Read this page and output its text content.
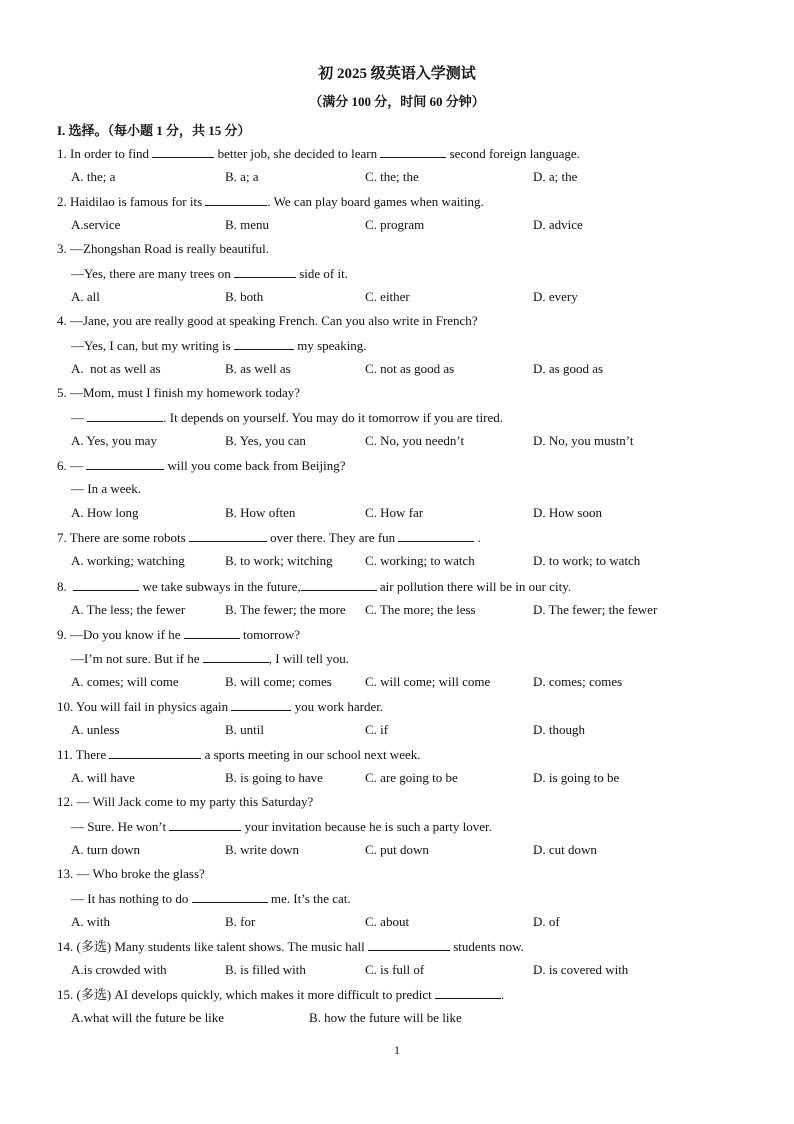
初 2025 级英语入学测试
（满分 100 分，时间 60 分钟）
I. 选择。（每小题 1 分，共 15 分）
1. In order to find	better job, she decided to learn	second foreign language.
A. the; a	B. a; a	C. the; the	D. a; the
2. Haidilao is famous for its	. We can play board games when waiting.
A.service	B. menu	C. program	D. advice
3. —Zhongshan Road is really beautiful.
—Yes, there are many trees on	side of it.
A. all	B. both	C. either	D. every
4. —Jane, you are really good at speaking French. Can you also write in French?
—Yes, I can, but my writing is	my speaking.
A.  not as well as	B. as well as	C. not as good as	D. as good as
5. —Mom, must I finish my homework today?
—	. It depends on yourself. You may do it tomorrow if you are tired.
A. Yes, you may	B. Yes, you can	C. No, you needn’t	D. No, you mustn’t
6. —	will you come back from Beijing?
— In a week.
A. How long	B. How often	C. How far	D. How soon
7. There are some robots	over there. They are fun	.
A. working; watching	B. to work; witching C. working; to watch	D. to work; to watch
8.	we take subways in the future,	air pollution there will be in our city.
A. The less; the fewer	B. The fewer; the more C. The more; the less	D. The fewer; the fewer
9. —Do you know if he	tomorrow?
—I’m not sure. But if he	, I will tell you.
A. comes; will come	B. will come; comes	C. will come; will come	D. comes; comes
10. You will fail in physics again	you work harder.
A. unless	B. until	C. if	D. though
11. There	a sports meeting in our school next week.
A. will have	B. is going to have	C. are going to be	D. is going to be
12. — Will Jack come to my party this Saturday?
— Sure. He won’t	your invitation because he is such a party lover.
A. turn down	B. write down	C. put down	D. cut down
13. — Who broke the glass?
— It has nothing to do	me. It’s the cat.
A. with	B. for	C. about	D. of
14. (多选) Many students like talent shows. The music hall	students now.
A.is crowded with	B. is filled with	C. is full of	D. is covered with
15. (多选) AI develops quickly, which makes it more difficult to predict	.
A.what will the future be like	B. how the future will be like
1
